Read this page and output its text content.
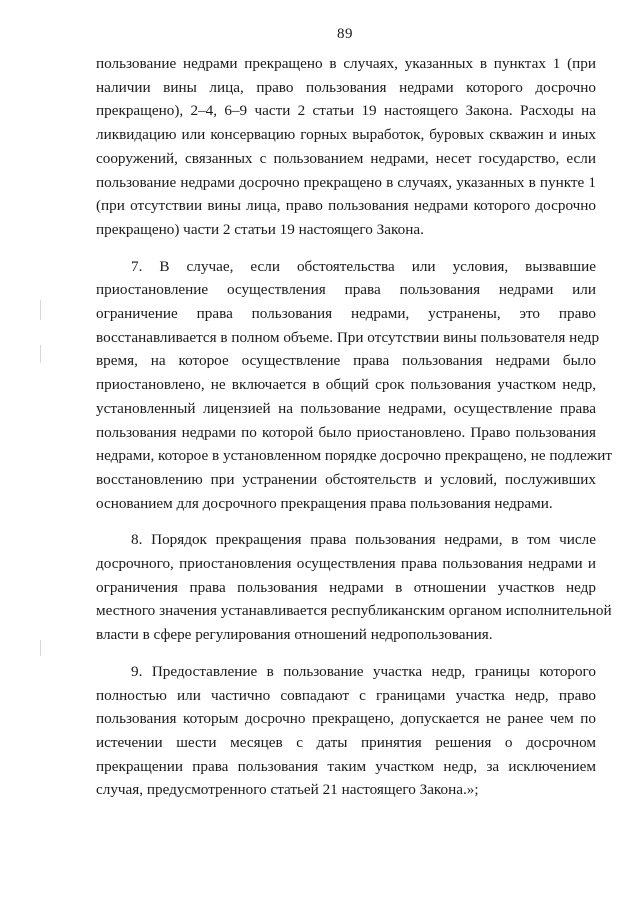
89
пользование недрами прекращено в случаях, указанных в пунктах 1 (при
наличии вины лица, право пользования недрами которого досрочно
прекращено), 2–4, 6–9 части 2 статьи 19 настоящего Закона. Расходы на
ликвидацию или консервацию горных выработок, буровых скважин и иных
сооружений, связанных с пользованием недрами, несет государство, если
пользование недрами досрочно прекращено в случаях, указанных в пункте 1
(при отсутствии вины лица, право пользования недрами которого досрочно
прекращено) части 2 статьи 19 настоящего Закона.
7. В случае, если обстоятельства или условия, вызвавшие
приостановление осуществления права пользования недрами или
ограничение права пользования недрами, устранены, это право
восстанавливается в полном объеме. При отсутствии вины пользователя недр
время, на которое осуществление права пользования недрами было
приостановлено, не включается в общий срок пользования участком недр,
установленный лицензией на пользование недрами, осуществление права
пользования недрами по которой было приостановлено. Право пользования
недрами, которое в установленном порядке досрочно прекращено, не подлежит
восстановлению при устранении обстоятельств и условий, послуживших
основанием для досрочного прекращения права пользования недрами.
8. Порядок прекращения права пользования недрами, в том числе
досрочного, приостановления осуществления права пользования недрами и
ограничения права пользования недрами в отношении участков недр
местного значения устанавливается республиканским органом исполнительной
власти в сфере регулирования отношений недропользования.
9. Предоставление в пользование участка недр, границы которого
полностью или частично совпадают с границами участка недр, право
пользования которым досрочно прекращено, допускается не ранее чем по
истечении шести месяцев с даты принятия решения о досрочном
прекращении права пользования таким участком недр, за исключением
случая, предусмотренного статьей 21 настоящего Закона.»;
